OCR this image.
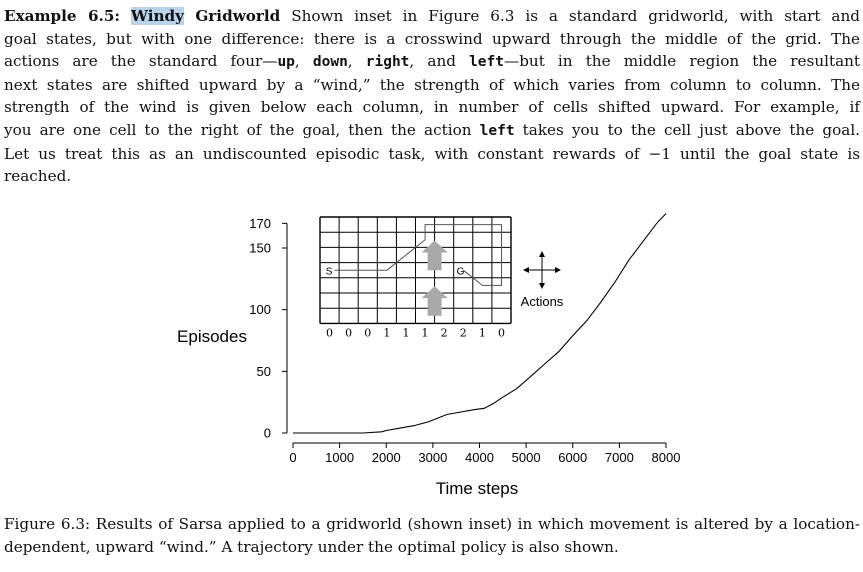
Example 6.5: Windy Gridworld Shown inset in Figure 6.3 is a standard gridworld, with start and
goal states, but with one difference: there is a crosswind upward through the middle of the grid. The
actions are the standard four—up, down, right, and left—but in the middle region the resultant
next states are shifted upward by a “wind,” the strength of which varies from column to column. The
strength of the wind is given below each column, in number of cells shifted upward. For example, if
you are one cell to the right of the goal, then the action left takes you to the cell just above the goal.
Let us treat this as an undiscounted episodic task, with constant rewards of −1 until the goal state is
reached.
0
50
100
150
170
0 1000 2000 3000 4000 5000 6000 7000 8000
S	G
0 0 0 1 1 1 2 2 1 0
Actions
Time steps
Episodes
Figure 6.3: Results of Sarsa applied to a gridworld (shown inset) in which movement is altered by a location-
dependent, upward “wind.” A trajectory under the optimal policy is also shown.
